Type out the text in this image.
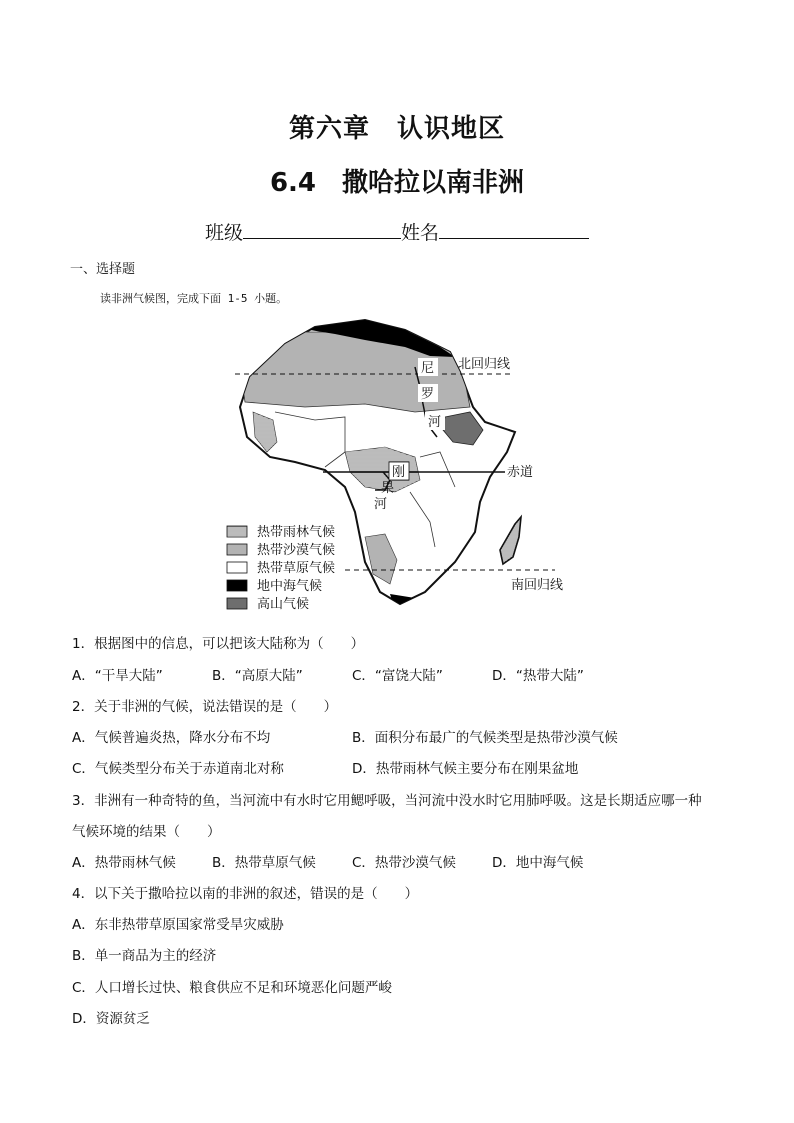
第六章　认识地区
6.4　撒哈拉以南非洲
班级	姓名
一、选择题
读非洲气候图，完成下面 1-5 小题。
尼
罗
河
北回归线
赤道
刚
果
河
南回归线
热带雨林气候
热带沙漠气候
热带草原气候
地中海气候
高山气候
1．根据图中的信息，可以把该大陆称为（　　）
A．“干旱大陆”	B．“高原大陆”	C．“富饶大陆”	D．“热带大陆”
2．关于非洲的气候，说法错误的是（　　）
A．气候普遍炎热，降水分布不均	B．面积分布最广的气候类型是热带沙漠气候
C．气候类型分布关于赤道南北对称	D．热带雨林气候主要分布在刚果盆地
3．非洲有一种奇特的鱼，当河流中有水时它用鳃呼吸，当河流中没水时它用肺呼吸。这是长期适应哪一种
气候环境的结果（　　）
A．热带雨林气候	B．热带草原气候	C．热带沙漠气候	D．地中海气候
4．以下关于撒哈拉以南的非洲的叙述，错误的是（　　）
A．东非热带草原国家常受旱灾威胁
B．单一商品为主的经济
C．人口增长过快、粮食供应不足和环境恶化问题严峻
D．资源贫乏
